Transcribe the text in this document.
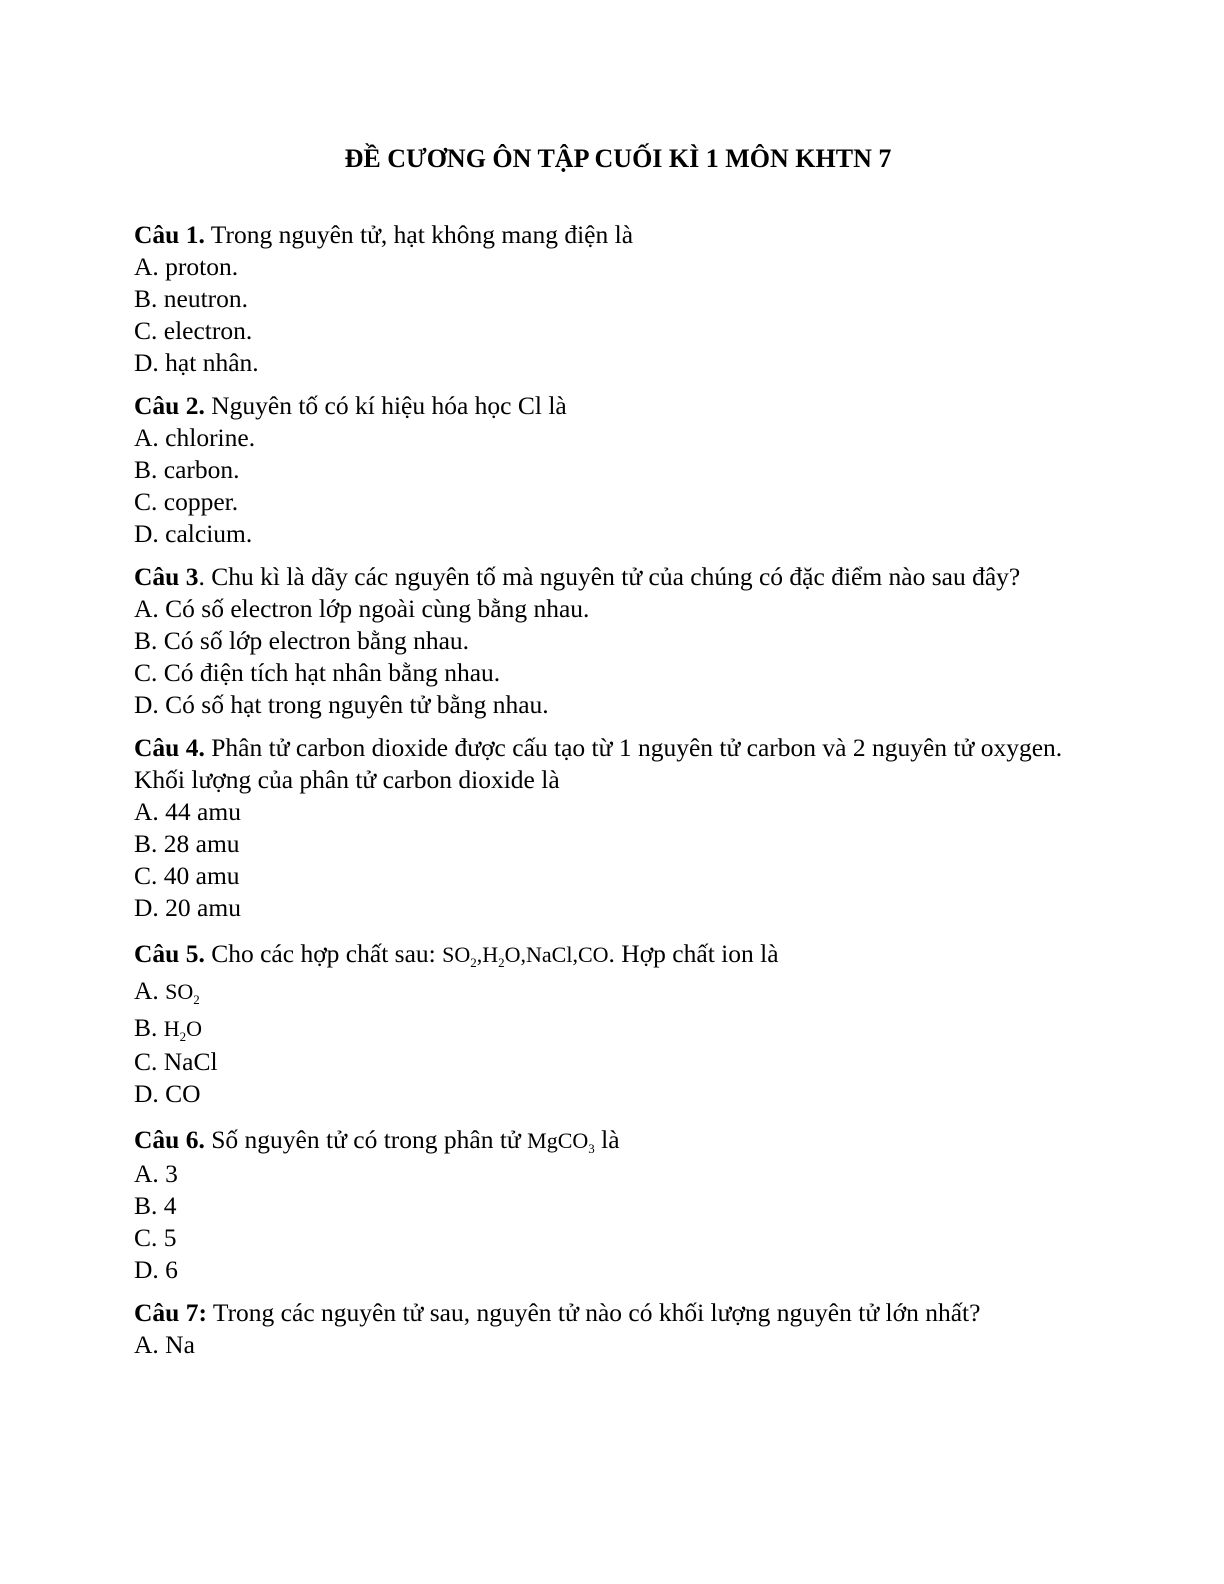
ĐỀ CƯƠNG ÔN TẬP CUỐI KÌ 1 MÔN KHTN 7

Câu 1. Trong nguyên tử, hạt không mang điện là

A. proton.

B. neutron.

C. electron.

D. hạt nhân.

Câu 2. Nguyên tố có kí hiệu hóa học Cl là

A. chlorine.

B. carbon.

C. copper.

D. calcium.

Câu 3. Chu kì là dãy các nguyên tố mà nguyên tử của chúng có đặc điểm nào sau đây?

A. Có số electron lớp ngoài cùng bằng nhau.

B. Có số lớp electron bằng nhau.

C. Có điện tích hạt nhân bằng nhau.

D. Có số hạt trong nguyên tử bằng nhau.

Câu 4. Phân tử carbon dioxide được cấu tạo từ 1 nguyên tử carbon và 2 nguyên tử oxygen. Khối lượng của phân tử carbon dioxide là

A. 44 amu

B. 28 amu

C. 40 amu

D. 20 amu

Câu 5. Cho các hợp chất sau: $SO_2,H_2O,NaCl,CO$. Hợp chất ion là

A. $SO_2$

B. $H_2O$

C. NaCl

D. CO

Câu 6. Số nguyên tử có trong phân tử MgCO$_3$ là

A. 3

B. 4

C. 5

D. 6

Câu 7: Trong các nguyên tử sau, nguyên tử nào có khối lượng nguyên tử lớn nhất?

A. Na
